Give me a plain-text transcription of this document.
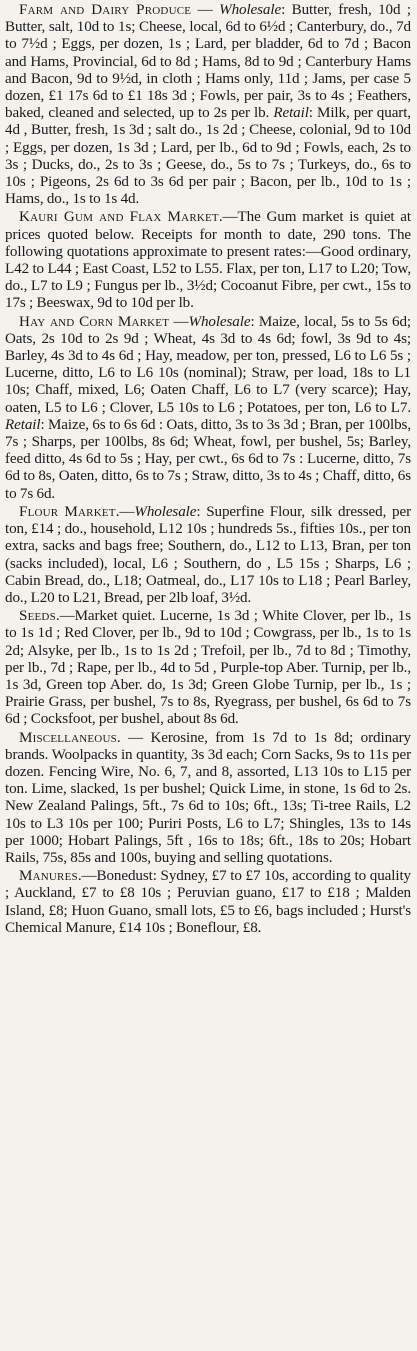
Farm and Dairy Produce — Wholesale: Butter, fresh, 10d ; Butter, salt, 10d to 1s; Cheese, local, 6d to 6½d ; Canterbury, do., 7d to 7½d ; Eggs, per dozen, 1s ; Lard, per bladder, 6d to 7d ; Bacon and Hams, Provincial, 6d to 8d ; Hams, 8d to 9d ; Canterbury Hams and Bacon, 9d to 9½d, in cloth ; Hams only, 11d ; Jams, per case 5 dozen, £1 17s 6d to £1 18s 3d ; Fowls, per pair, 3s to 4s ; Feathers, baked, cleaned and selected, up to 2s per lb. Retail: Milk, per quart, 4d , Butter, fresh, 1s 3d ; salt do., 1s 2d ; Cheese, colonial, 9d to 10d ; Eggs, per dozen, 1s 3d ; Lard, per lb., 6d to 9d ; Fowls, each, 2s to 3s ; Ducks, do., 2s to 3s ; Geese, do., 5s to 7s ; Turkeys, do., 6s to 10s ; Pigeons, 2s 6d to 3s 6d per pair ; Bacon, per lb., 10d to 1s ; Hams, do., 1s to 1s 4d.

Kauri Gum and Flax Market.—The Gum market is quiet at prices quoted below. Receipts for month to date, 290 tons. The following quotations approximate to present rates:—Good ordinary, L42 to L44 ; East Coast, L52 to L55. Flax, per ton, L17 to L20; Tow, do., L7 to L9 ; Fungus per lb., 3½d; Cocoanut Fibre, per cwt., 15s to 17s ; Beeswax, 9d to 10d per lb.

Hay and Corn Market —Wholesale: Maize, local, 5s to 5s 6d; Oats, 2s 10d to 2s 9d ; Wheat, 4s 3d to 4s 6d; fowl, 3s 9d to 4s; Barley, 4s 3d to 4s 6d ; Hay, meadow, per ton, pressed, L6 to L6 5s ; Lucerne, ditto, L6 to L6 10s (nominal); Straw, per load, 18s to L1 10s; Chaff, mixed, L6; Oaten Chaff, L6 to L7 (very scarce); Hay, oaten, L5 to L6 ; Clover, L5 10s to L6 ; Potatoes, per ton, L6 to L7. Retail: Maize, 6s to 6s 6d : Oats, ditto, 3s to 3s 3d ; Bran, per 100lbs, 7s ; Sharps, per 100lbs, 8s 6d; Wheat, fowl, per bushel, 5s; Barley, feed ditto, 4s 6d to 5s ; Hay, per cwt., 6s 6d to 7s : Lucerne, ditto, 7s 6d to 8s, Oaten, ditto, 6s to 7s ; Straw, ditto, 3s to 4s ; Chaff, ditto, 6s to 7s 6d.

Flour Market.—Wholesale: Superfine Flour, silk dressed, per ton, £14 ; do., household, L12 10s ; hundreds 5s., fifties 10s., per ton extra, sacks and bags free; Southern, do., L12 to L13, Bran, per ton (sacks included), local, L6 ; Southern, do , L5 15s ; Sharps, L6 ; Cabin Bread, do., L18; Oatmeal, do., L17 10s to L18 ; Pearl Barley, do., L20 to L21, Bread, per 2lb loaf, 3½d.

Seeds.—Market quiet. Lucerne, 1s 3d ; White Clover, per lb., 1s to 1s 1d ; Red Clover, per lb., 9d to 10d ; Cowgrass, per lb., 1s to 1s 2d; Alsyke, per lb., 1s to 1s 2d ; Trefoil, per lb., 7d to 8d ; Timothy, per lb., 7d ; Rape, per lb., 4d to 5d , Purple-top Aber. Turnip, per lb., 1s 3d, Green top Aber. do, 1s 3d; Green Globe Turnip, per lb., 1s ; Prairie Grass, per bushel, 7s to 8s, Ryegrass, per bushel, 6s 6d to 7s 6d ; Cocksfoot, per bushel, about 8s 6d.

Miscellaneous. — Kerosine, from 1s 7d to 1s 8d; ordinary brands. Woolpacks in quantity, 3s 3d each; Corn Sacks, 9s to 11s per dozen. Fencing Wire, No. 6, 7, and 8, assorted, L13 10s to L15 per ton. Lime, slacked, 1s per bushel; Quick Lime, in stone, 1s 6d to 2s. New Zealand Palings, 5ft., 7s 6d to 10s; 6ft., 13s; Ti-tree Rails, L2 10s to L3 10s per 100; Puriri Posts, L6 to L7; Shingles, 13s to 14s per 1000; Hobart Palings, 5ft , 16s to 18s; 6ft., 18s to 20s; Hobart Rails, 75s, 85s and 100s, buying and selling quotations.

Manures.—Bonedust: Sydney, £7 to £7 10s, according to quality ; Auckland, £7 to £8 10s ; Peruvian guano, £17 to £18 ; Malden Island, £8; Huon Guano, small lots, £5 to £6, bags included ; Hurst's Chemical Manure, £14 10s ; Boneflour, £8.
